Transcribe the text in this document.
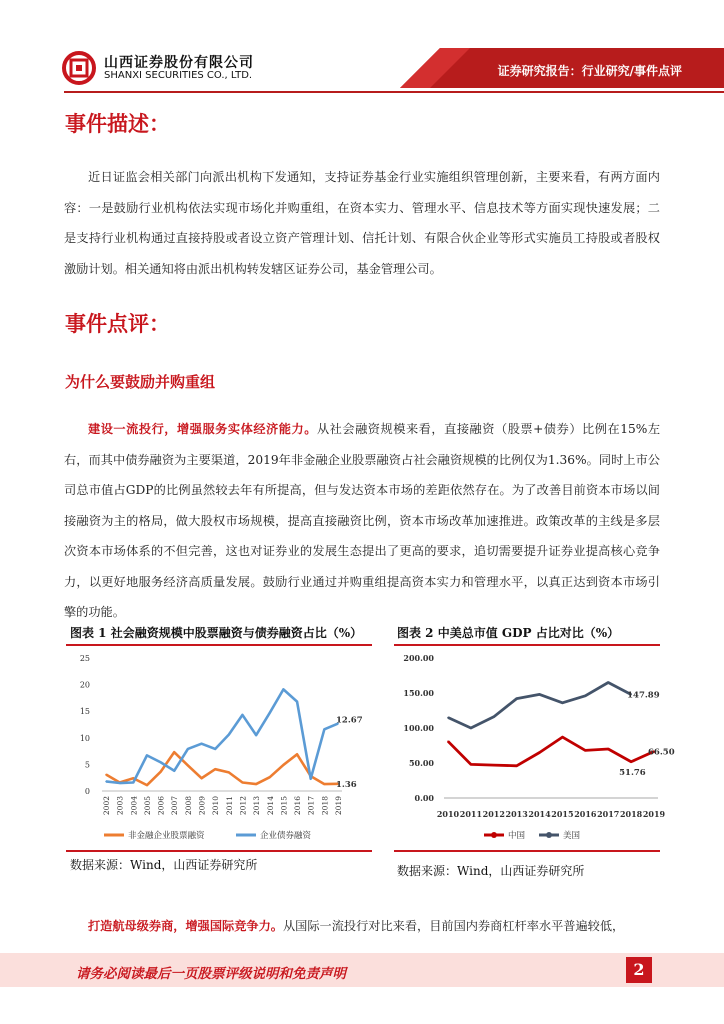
山西证券股份有限公司
SHANXI SECURITIES CO., LTD.	证券研究报告：行业研究/事件点评
事件描述：
近日证监会相关部门向派出机构下发通知，支持证券基金行业实施组织管理创新，主要来看，有两方面内容：一是鼓励行业机构依法实现市场化并购重组，在资本实力、管理水平、信息技术等方面实现快速发展；二是支持行业机构通过直接持股或者设立资产管理计划、信托计划、有限合伙企业等形式实施员工持股或者股权激励计划。相关通知将由派出机构转发辖区证券公司，基金管理公司。
事件点评：
为什么要鼓励并购重组
建设一流投行，增强服务实体经济能力。从社会融资规模来看，直接融资（股票+债券）比例在15%左右，而其中债券融资为主要渠道，2019年非金融企业股票融资占社会融资规模的比例仅为1.36%。同时上市公司总市值占GDP的比例虽然较去年有所提高，但与发达资本市场的差距依然存在。为了改善目前资本市场以间接融资为主的格局，做大股权市场规模，提高直接融资比例，资本市场改革加速推进。政策改革的主线是多层次资本市场体系的不但完善，这也对证券业的发展生态提出了更高的要求，追切需要提升证券业提高核心竞争力，以更好地服务经济高质量发展。鼓励行业通过并购重组提高资本实力和管理水平，以真正达到资本市场引擎的功能。
图表 1 社会融资规模中股票融资与债券融资占比（%）
25
20
15
10
5
0
2002 2003 2004 2005 2006 2007 2008 2009 2010 2011 2012 2013 2014 2015 2016 2017 2018 2019
12.67
1.36
非金融企业股票融资	企业债券融资
数据来源：Wind，山西证券研究所
图表 2 中美总市值 GDP 占比对比（%）
200.00
150.00
100.00
50.00
0.00
2010 2011 2012 2013 2014 2015 2016 2017 2018 2019
147.89
51.76
66.50
中国	美国
数据来源：Wind，山西证券研究所
打造航母级券商，增强国际竞争力。从国际一流投行对比来看，目前国内券商杠杆率水平普遍较低，
请务必阅读最后一页股票评级说明和免责声明	2
